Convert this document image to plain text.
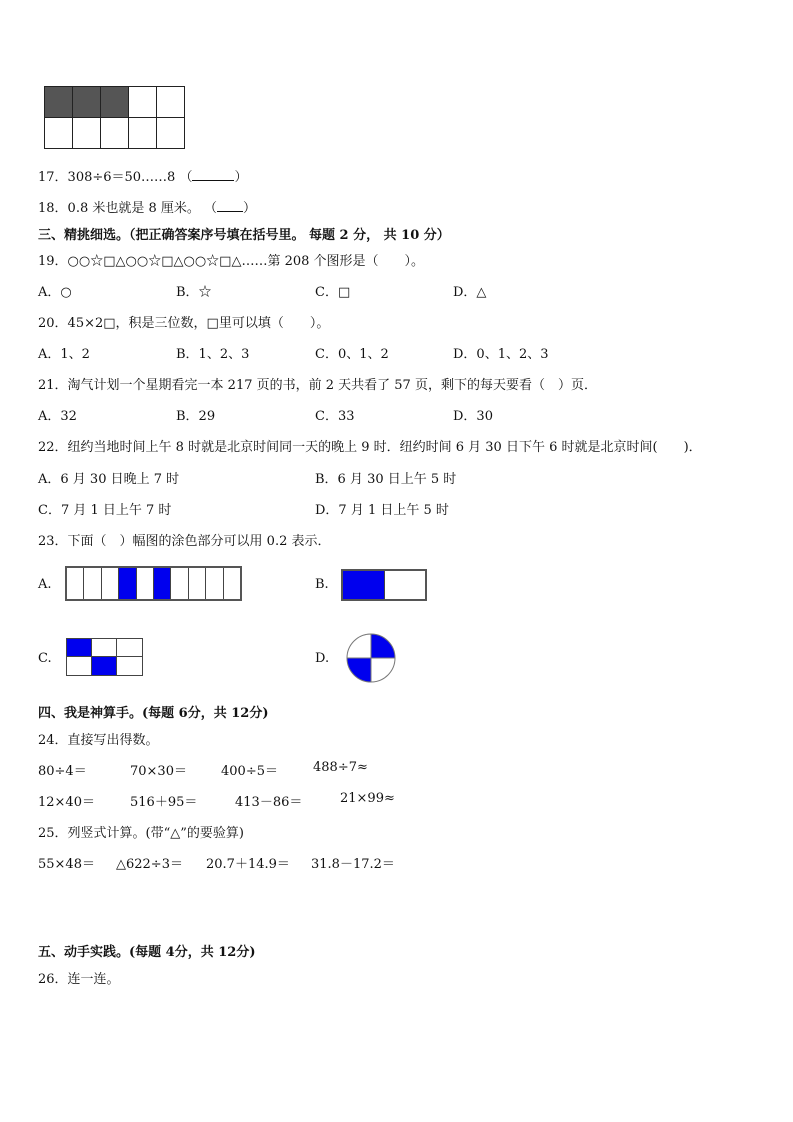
17．308÷6＝50……8 （	）
18．0.8 米也就是 8 厘米。 （ ）
三、精挑细选。（把正确答案序号填在括号里。 每题 2 分， 共 10 分）
19．○○☆□△○○☆□△○○☆□△……第 208 个图形是（　　）。
A．○	B．☆	C．□	D．△
20．45×2□，积是三位数，□里可以填（　　）。
A．1、2	B．1、2、3	C．0、1、2	D．0、1、2、3
21．淘气计划一个星期看完一本 217 页的书，前 2 天共看了 57 页，剩下的每天要看（　）页．
A．32	B．29	C．33	D．30
22．纽约当地时间上午 8 时就是北京时间同一天的晚上 9 时．纽约时间 6 月 30 日下午 6 时就是北京时间(　　)．
A．6 月 30 日晚上 7 时	B．6 月 30 日上午 5 时
C．7 月 1 日上午 7 时	D．7 月 1 日上午 5 时
23．下面（　）幅图的涂色部分可以用 0.2 表示．
A.	B.
C.	D.
四、我是神算手。(每题 6分，共 12分)
24．直接写出得数。
80÷4＝	70×30＝	400÷5＝	488÷7≈
12×40＝	516＋95＝	413－86＝	21×99≈
25．列竖式计算。(带“△”的要验算)
55×48＝ △622÷3＝ 20.7＋14.9＝ 31.8－17.2＝
五、动手实践。(每题 4分，共 12分)
26．连一连。
